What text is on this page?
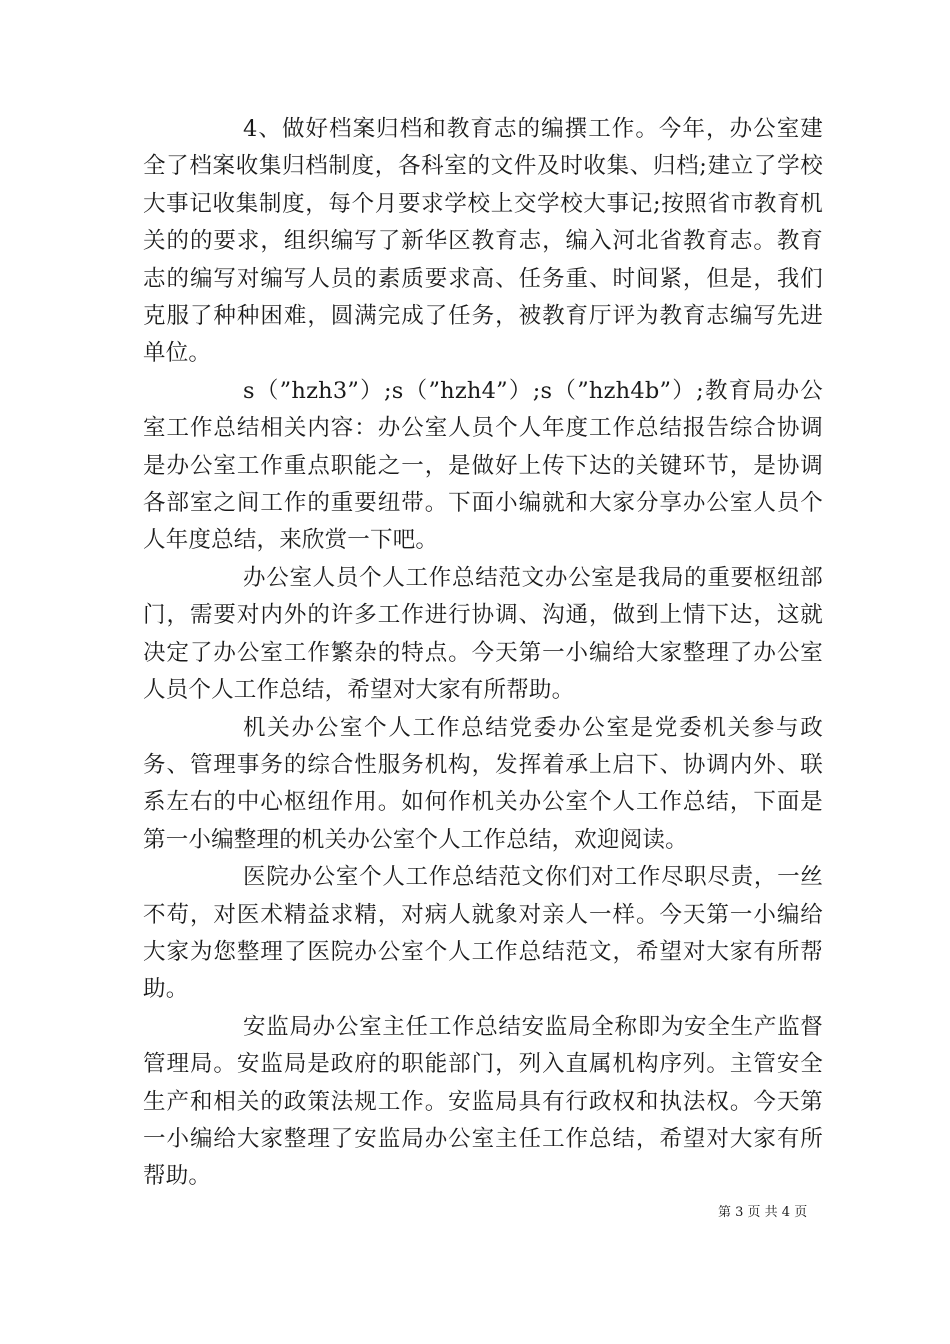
4、做好档案归档和教育志的编撰工作。今年，办公室建全了档案收集归档制度，各科室的文件及时收集、归档;建立了学校大事记收集制度，每个月要求学校上交学校大事记;按照省市教育机关的的要求，组织编写了新华区教育志，编入河北省教育志。教育志的编写对编写人员的素质要求高、任务重、时间紧，但是，我们克服了种种困难，圆满完成了任务，被教育厅评为教育志编写先进单位。

s（”hzh3”）;s（”hzh4”）;s（”hzh4b”）;教育局办公室工作总结相关内容：办公室人员个人年度工作总结报告综合协调是办公室工作重点职能之一，是做好上传下达的关键环节，是协调各部室之间工作的重要纽带。下面小编就和大家分享办公室人员个人年度总结，来欣赏一下吧。

办公室人员个人工作总结范文办公室是我局的重要枢纽部门，需要对内外的许多工作进行协调、沟通，做到上情下达，这就决定了办公室工作繁杂的特点。今天第一小编给大家整理了办公室人员个人工作总结，希望对大家有所帮助。

机关办公室个人工作总结党委办公室是党委机关参与政务、管理事务的综合性服务机构，发挥着承上启下、协调内外、联系左右的中心枢纽作用。如何作机关办公室个人工作总结，下面是第一小编整理的机关办公室个人工作总结，欢迎阅读。

医院办公室个人工作总结范文你们对工作尽职尽责，一丝不苟，对医术精益求精，对病人就象对亲人一样。今天第一小编给大家为您整理了医院办公室个人工作总结范文，希望对大家有所帮助。

安监局办公室主任工作总结安监局全称即为安全生产监督管理局。安监局是政府的职能部门，列入直属机构序列。主管安全生产和相关的政策法规工作。安监局具有行政权和执法权。今天第一小编给大家整理了安监局办公室主任工作总结，希望对大家有所帮助。

第 3 页 共 4 页
